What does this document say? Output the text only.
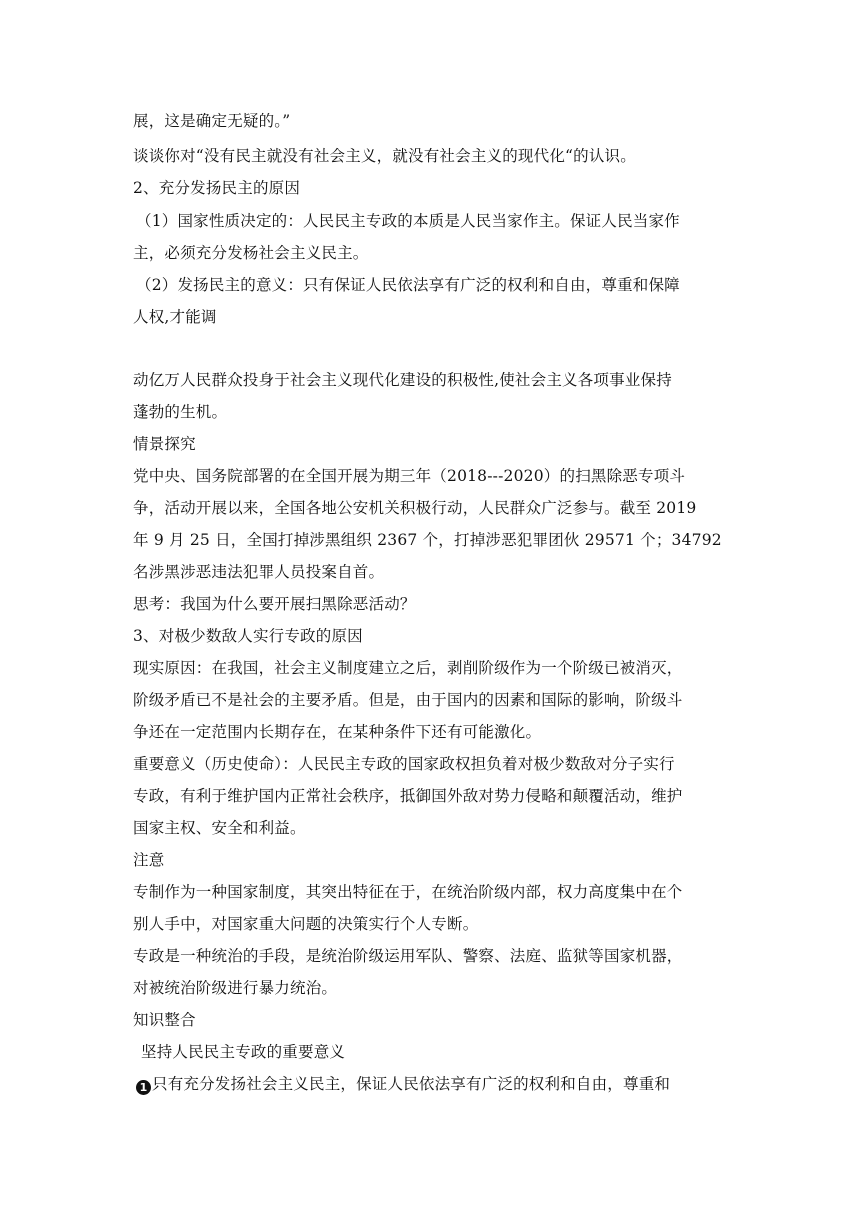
展，这是确定无疑的。”
谈谈你对“没有民主就没有社会主义，就没有社会主义的现代化“的认识。
2、充分发扬民主的原因
（1）国家性质决定的：人民民主专政的本质是人民当家作主。保证人民当家作
主，必须充分发杨社会主义民主。
（2）发扬民主的意义：只有保证人民依法享有广泛的权利和自由，尊重和保障
人权,才能调
动亿万人民群众投身于社会主义现代化建设的积极性,使社会主义各项事业保持
蓬勃的生机。
情景探究
党中央、国务院部署的在全国开展为期三年（2018---2020）的扫黑除恶专项斗
争，活动开展以来，全国各地公安机关积极行动，人民群众广泛参与。截至 2019
年 9 月 25 日，全国打掉涉黑组织 2367 个，打掉涉恶犯罪团伙 29571 个；34792
名涉黑涉恶违法犯罪人员投案自首。
思考：我国为什么要开展扫黑除恶活动？
3、对极少数敌人实行专政的原因
现实原因：在我国，社会主义制度建立之后，剥削阶级作为一个阶级已被消灭，
阶级矛盾已不是社会的主要矛盾。但是，由于国内的因素和国际的影响，阶级斗
争还在一定范围内长期存在，在某种条件下还有可能激化。
重要意义（历史使命）：人民民主专政的国家政权担负着对极少数敌对分子实行
专政，有利于维护国内正常社会秩序，抵御国外敌对势力侵略和颠覆活动，维护
国家主权、安全和利益。
注意
专制作为一种国家制度，其突出特征在于，在统治阶级内部，权力高度集中在个
别人手中，对国家重大问题的决策实行个人专断。
专政是一种统治的手段，是统治阶级运用军队、警察、法庭、监狱等国家机器，
对被统治阶级进行暴力统治。
知识整合
坚持人民民主专政的重要意义
1 只有充分发扬社会主义民主，保证人民依法享有广泛的权利和自由，尊重和
